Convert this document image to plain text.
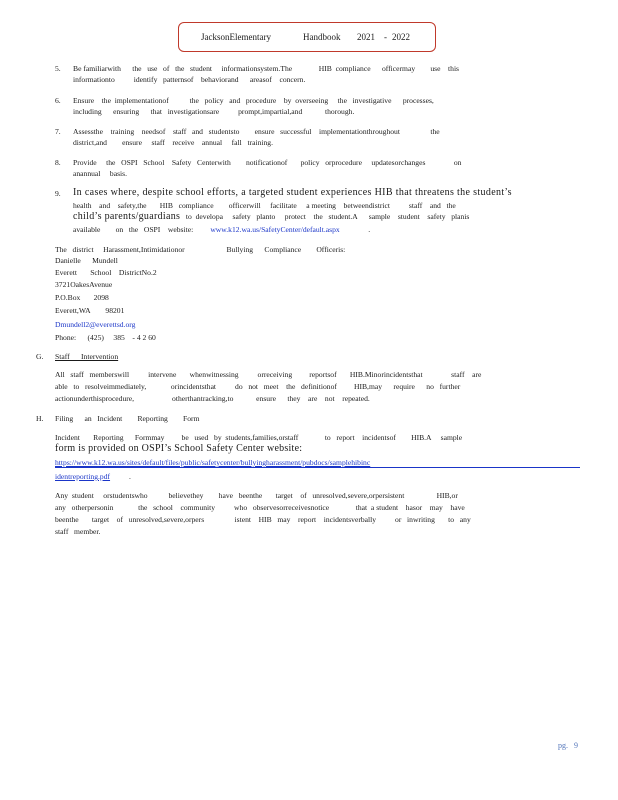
JacksonElementary	Handbook 2021 - 2022
5. Be familiarwith      the   use   of   the   student     informationsystem.The              HIB  compliance      officermay        use    this
informationto          identify   patternsof    behaviorand      areasof    concern.
6. Ensure    the  implementationof           the   policy   and   procedure    by  overseeing     the   investigative      processes,
including      ensuring      that   investigationsare          prompt,impartial,and            thorough.
7. Assessthe    training    needsof    staff   and   studentsto        ensure   successful    implementationthroughout                the
district,and        ensure     staff    receive    annual     fall   training.
8. Provide     the   OSPI   School    Safety   Centerwith        notificationof       policy   orprocedure     updatesorchanges               on
anannual     basis.
9. In cases where, despite school efforts, a targeted student experiences HIB that threatens the student’s
health    and    safety,the       HIB   compliance        officerwill     facilitate     a meeting    betweendistrict          staff    and   the
child’s parents/guardians   to  developa     safety   planto     protect    the   student.A      sample    student    safety   planis
available        on   the   OSPI    website:         www.k12.wa.us/SafetyCenter/default.aspx               .
The   district     Harassment,Intimidationor                      Bullying      Compliance        Officeris:
Danielle      Mundell
Everett       School    DistrictNo.2
3721OakesAvenue
P.O.Box       2098
Everett,WA        98201
Dmundell2@everettsd.org
Phone:      (425)     385    - 4 2 60
G. Staff      Intervention
All   staff   memberswill          intervene       whenwitnessing          orreceiving         reportsof       HIB.Minorincidentsthat               staff    are
able   to   resolveimmediately,             orincidentsthat          do   not   meet    the   definitionof         HIB,may      require      no   further
actionunderthisprocedure,                    otherthantracking,to            ensure      they    are    not    repeated.
H. Filing      an   Incident        Reporting        Form
Incident       Reporting      Formmay         be   used   by  students,families,orstaff              to   report    incidentsof        HIB.A     sample
form is provided on OSPI’s School Safety Center website:
https://www.k12.wa.us/sites/default/files/public/safetycenter/bullyingharassment/pubdocs/samplehibinc
identreporting.pdf          .
Any  student     orstudentswho           believethey        have   beenthe       target    of   unresolved,severe,orpersistent                 HIB,or
any   otherpersonin             the   school    community          who   observesorreceivesnotice              that  a student    hasor    may    have
beenthe       target    of   unresolved,severe,orpers                istent    HIB   may    report    incidentsverbally          or   inwriting       to   any
staff   member.
pg. 9
